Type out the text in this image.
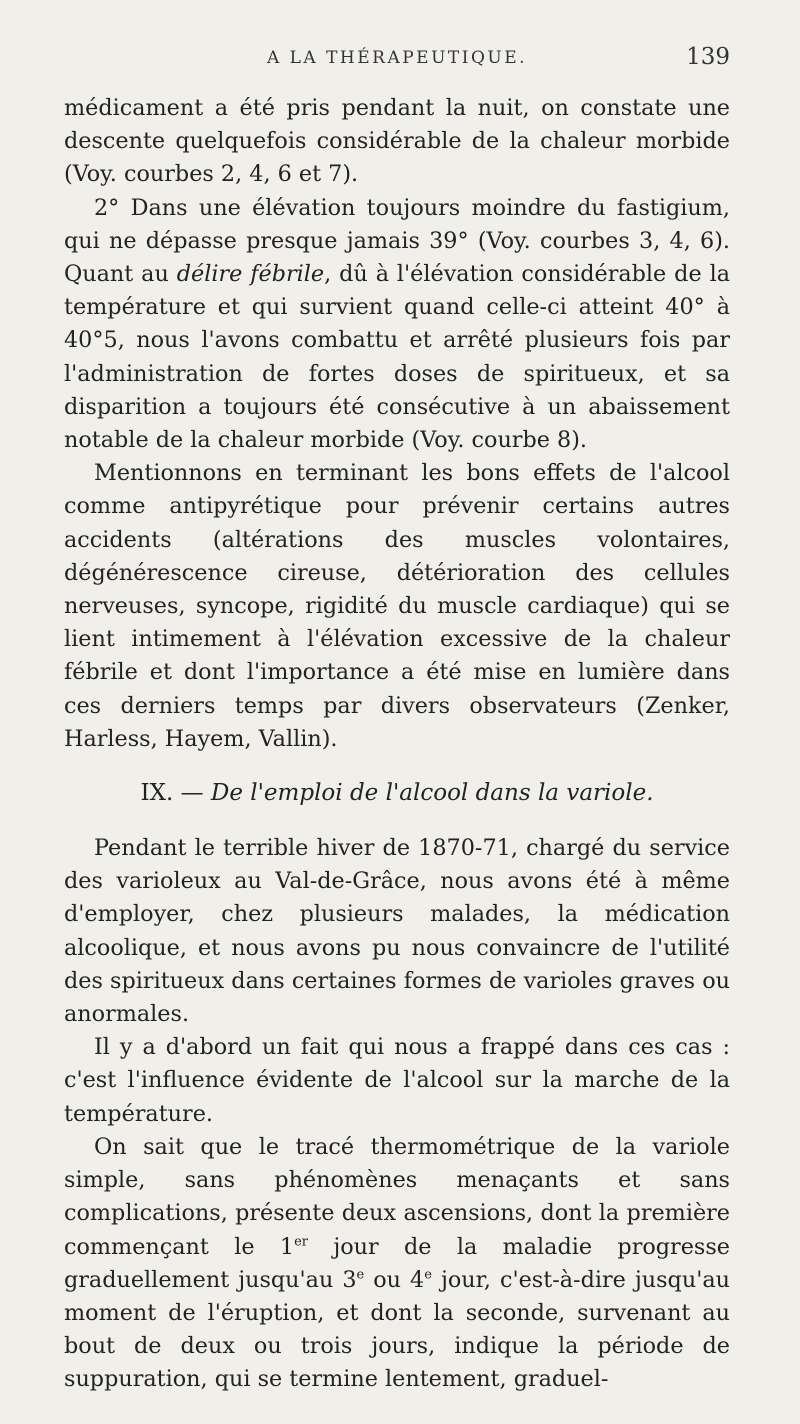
A LA THÉRAPEUTIQUE.	139

médicament a été pris pendant la nuit, on constate une descente quelquefois considérable de la chaleur morbide (Voy. courbes 2, 4, 6 et 7).

2° Dans une élévation toujours moindre du fastigium, qui ne dépasse presque jamais 39° (Voy. courbes 3, 4, 6). Quant au délire fébrile, dû à l'élévation considérable de la température et qui survient quand celle-ci atteint 40° à 40°5, nous l'avons combattu et arrêté plusieurs fois par l'administration de fortes doses de spiritueux, et sa disparition a toujours été consécutive à un abaissement notable de la chaleur morbide (Voy. courbe 8).

Mentionnons en terminant les bons effets de l'alcool comme antipyrétique pour prévenir certains autres accidents (altérations des muscles volontaires, dégénérescence cireuse, détérioration des cellules nerveuses, syncope, rigidité du muscle cardiaque) qui se lient intimement à l'élévation excessive de la chaleur fébrile et dont l'importance a été mise en lumière dans ces derniers temps par divers observateurs (Zenker, Harless, Hayem, Vallin).

IX. — De l'emploi de l'alcool dans la variole.

Pendant le terrible hiver de 1870-71, chargé du service des varioleux au Val-de-Grâce, nous avons été à même d'employer, chez plusieurs malades, la médication alcoolique, et nous avons pu nous convaincre de l'utilité des spiritueux dans certaines formes de varioles graves ou anormales.

Il y a d'abord un fait qui nous a frappé dans ces cas : c'est l'influence évidente de l'alcool sur la marche de la température.

On sait que le tracé thermométrique de la variole simple, sans phénomènes menaçants et sans complications, présente deux ascensions, dont la première commençant le 1er jour de la maladie progresse graduellement jusqu'au 3e ou 4e jour, c'est-à-dire jusqu'au moment de l'éruption, et dont la seconde, survenant au bout de deux ou trois jours, indique la période de suppuration, qui se termine lentement, graduel-
